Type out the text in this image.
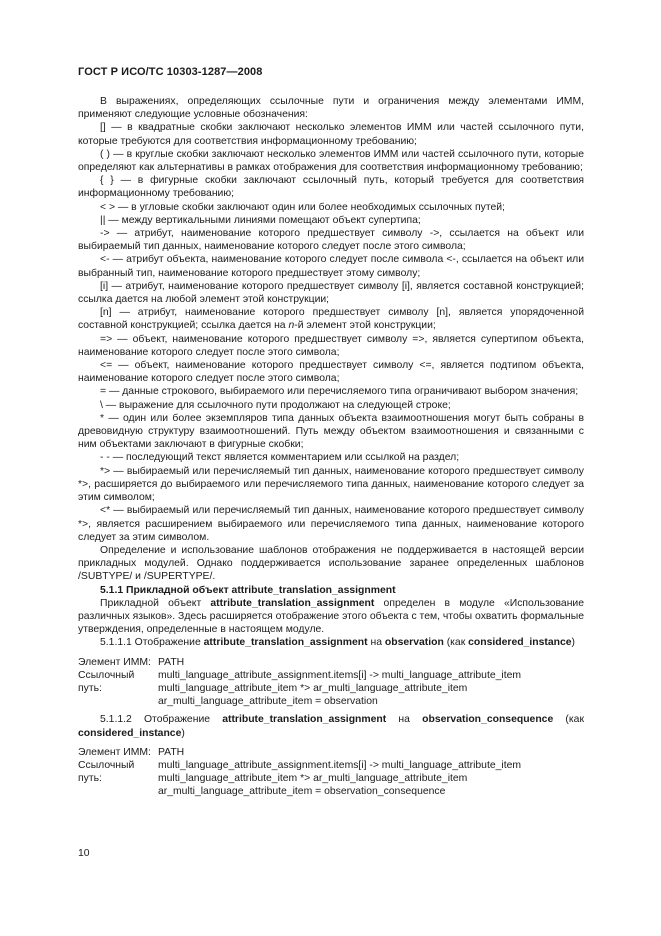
ГОСТ Р ИСО/ТС 10303-1287—2008

В выражениях, определяющих ссылочные пути и ограничения между элементами ИММ, применяют следующие условные обозначения:

[] — в квадратные скобки заключают несколько элементов ИММ или частей ссылочного пути, которые требуются для соответствия информационному требованию;

( ) — в круглые скобки заключают несколько элементов ИММ или частей ссылочного пути, которые определяют как альтернативы в рамках отображения для соответствия информационному требованию;

{ } — в фигурные скобки заключают ссылочный путь, который требуется для соответствия информационному требованию;

< > — в угловые скобки заключают один или более необходимых ссылочных путей;

|| — между вертикальными линиями помещают объект супертипа;

-> — атрибут, наименование которого предшествует символу ->, ссылается на объект или выбираемый тип данных, наименование которого следует после этого символа;

<- — атрибут объекта, наименование которого следует после символа <-, ссылается на объект или выбранный тип, наименование которого предшествует этому символу;

[i] — атрибут, наименование которого предшествует символу [i], является составной конструкцией; ссылка дается на любой элемент этой конструкции;

[n] — атрибут, наименование которого предшествует символу [n], является упорядоченной составной конструкцией; ссылка дается на n-й элемент этой конструкции;

=> — объект, наименование которого предшествует символу =>, является супертипом объекта, наименование которого следует после этого символа;

<= — объект, наименование которого предшествует символу <=, является подтипом объекта, наименование которого следует после этого символа;

= — данные строкового, выбираемого или перечисляемого типа ограничивают выбором значения;

\ — выражение для ссылочного пути продолжают на следующей строке;

* — один или более экземпляров типа данных объекта взаимоотношения могут быть собраны в древовидную структуру взаимоотношений. Путь между объектом взаимоотношения и связанными с ним объектами заключают в фигурные скобки;

- - — последующий текст является комментарием или ссылкой на раздел;

*> — выбираемый или перечисляемый тип данных, наименование которого предшествует символу *>, расширяется до выбираемого или перечисляемого типа данных, наименование которого следует за этим символом;

<* — выбираемый или перечисляемый тип данных, наименование которого предшествует символу *>, является расширением выбираемого или перечисляемого типа данных, наименование которого следует за этим символом.

Определение и использование шаблонов отображения не поддерживается в настоящей версии прикладных модулей. Однако поддерживается использование заранее определенных шаблонов /SUBTYPE/ и /SUPERTYPE/.

5.1.1 Прикладной объект attribute_translation_assignment

Прикладной объект attribute_translation_assignment определен в модуле «Использование различных языков». Здесь расширяется отображение этого объекта с тем, чтобы охватить формальные утверждения, определенные в настоящем модуле.

5.1.1.1 Отображение attribute_translation_assignment на observation (как considered_instance)

Элемент ИММ: PATH
Ссылочный путь:
multi_language_attribute_assignment.items[i] -> multi_language_attribute_item
multi_language_attribute_item *> ar_multi_language_attribute_item
ar_multi_language_attribute_item = observation

5.1.1.2 Отображение attribute_translation_assignment на observation_consequence (как considered_instance)

Элемент ИММ: PATH
Ссылочный путь:
multi_language_attribute_assignment.items[i] -> multi_language_attribute_item
multi_language_attribute_item *> ar_multi_language_attribute_item
ar_multi_language_attribute_item = observation_consequence
10
